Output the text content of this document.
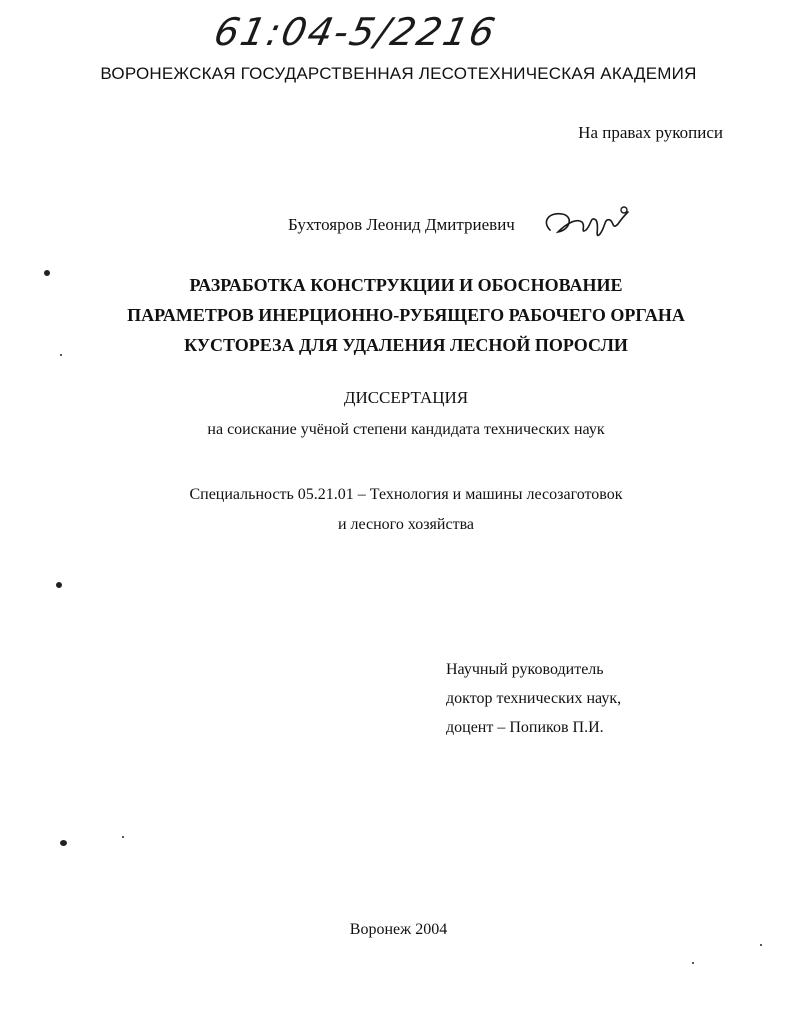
61:04-5/2216
ВОРОНЕЖСКАЯ ГОСУДАРСТВЕННАЯ ЛЕСОТЕХНИЧЕСКАЯ АКАДЕМИЯ
На правах рукописи
Бухтояров Леонид Дмитриевич
РАЗРАБОТКА КОНСТРУКЦИИ И ОБОСНОВАНИЕ
ПАРАМЕТРОВ ИНЕРЦИОННО-РУБЯЩЕГО РАБОЧЕГО ОРГАНА
КУСТОРЕЗА ДЛЯ УДАЛЕНИЯ ЛЕСНОЙ ПОРОСЛИ
ДИССЕРТАЦИЯ
на соискание учёной степени кандидата технических наук
Специальность 05.21.01 – Технология и машины лесозаготовок
и лесного хозяйства
Научный руководитель
доктор технических наук,
доцент – Попиков П.И.
Воронеж 2004
